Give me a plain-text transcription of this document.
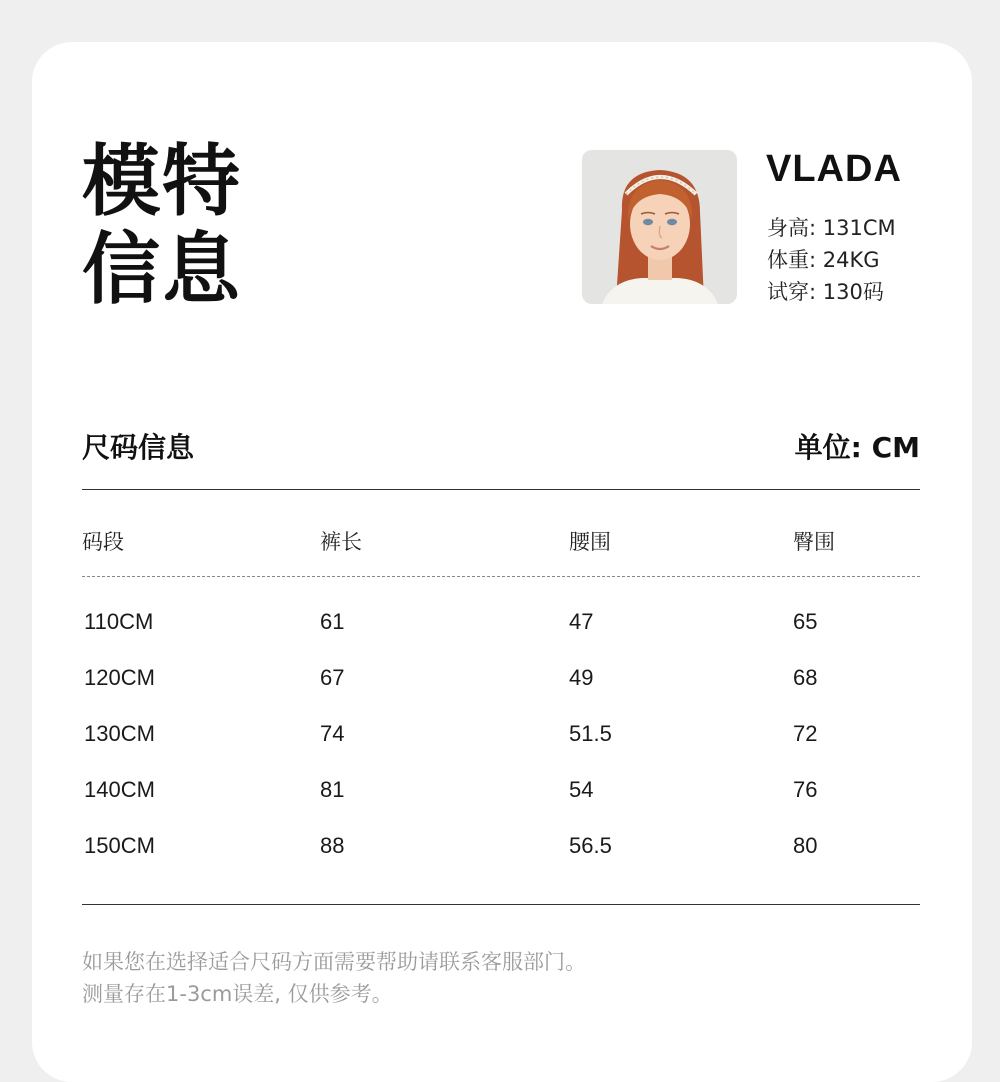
模特
信息
VLADA
身高: 131CM
体重: 24KG
试穿: 130码
尺码信息	单位: CM
码段	裤长	腰围	臀围
110CM	61	47	65
120CM	67	49	68
130CM	74	51.5	72
140CM	81	54	76
150CM	88	56.5	80
如果您在选择适合尺码方面需要帮助请联系客服部门。
测量存在1-3cm误差, 仅供参考。
